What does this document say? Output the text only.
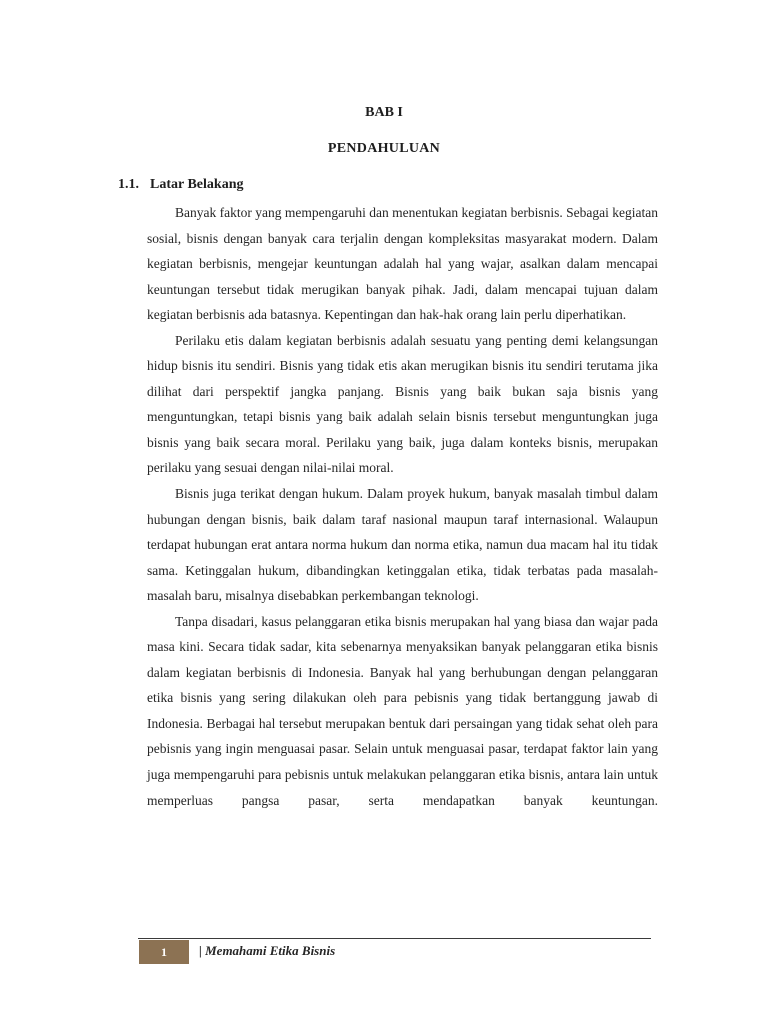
BAB I

PENDAHULUAN

1.1. Latar Belakang

Banyak faktor yang mempengaruhi dan menentukan kegiatan berbisnis. Sebagai kegiatan sosial, bisnis dengan banyak cara terjalin dengan kompleksitas masyarakat modern. Dalam kegiatan berbisnis, mengejar keuntungan adalah hal yang wajar, asalkan dalam mencapai keuntungan tersebut tidak merugikan banyak pihak. Jadi, dalam mencapai tujuan dalam kegiatan berbisnis ada batasnya. Kepentingan dan hak-hak orang lain perlu diperhatikan.

Perilaku etis dalam kegiatan berbisnis adalah sesuatu yang penting demi kelangsungan hidup bisnis itu sendiri. Bisnis yang tidak etis akan merugikan bisnis itu sendiri terutama jika dilihat dari perspektif jangka panjang. Bisnis yang baik bukan saja bisnis yang menguntungkan, tetapi bisnis yang baik adalah selain bisnis tersebut menguntungkan juga bisnis yang baik secara moral. Perilaku yang baik, juga dalam konteks bisnis, merupakan perilaku yang sesuai dengan nilai-nilai moral.

Bisnis juga terikat dengan hukum. Dalam proyek hukum, banyak masalah timbul dalam hubungan dengan bisnis, baik dalam taraf nasional maupun taraf internasional. Walaupun terdapat hubungan erat antara norma hukum dan norma etika, namun dua macam hal itu tidak sama. Ketinggalan hukum, dibandingkan ketinggalan etika, tidak terbatas pada masalah-masalah baru, misalnya disebabkan perkembangan teknologi.

Tanpa disadari, kasus pelanggaran etika bisnis merupakan hal yang biasa dan wajar pada masa kini. Secara tidak sadar, kita sebenarnya menyaksikan banyak pelanggaran etika bisnis dalam kegiatan berbisnis di Indonesia. Banyak hal yang berhubungan dengan pelanggaran etika bisnis yang sering dilakukan oleh para pebisnis yang tidak bertanggung jawab di Indonesia. Berbagai hal tersebut merupakan bentuk dari persaingan yang tidak sehat oleh para pebisnis yang ingin menguasai pasar. Selain untuk menguasai pasar, terdapat faktor lain yang juga mempengaruhi para pebisnis untuk melakukan pelanggaran etika bisnis, antara lain untuk memperluas pangsa pasar, serta mendapatkan banyak keuntungan.

1 | Memahami Etika Bisnis
